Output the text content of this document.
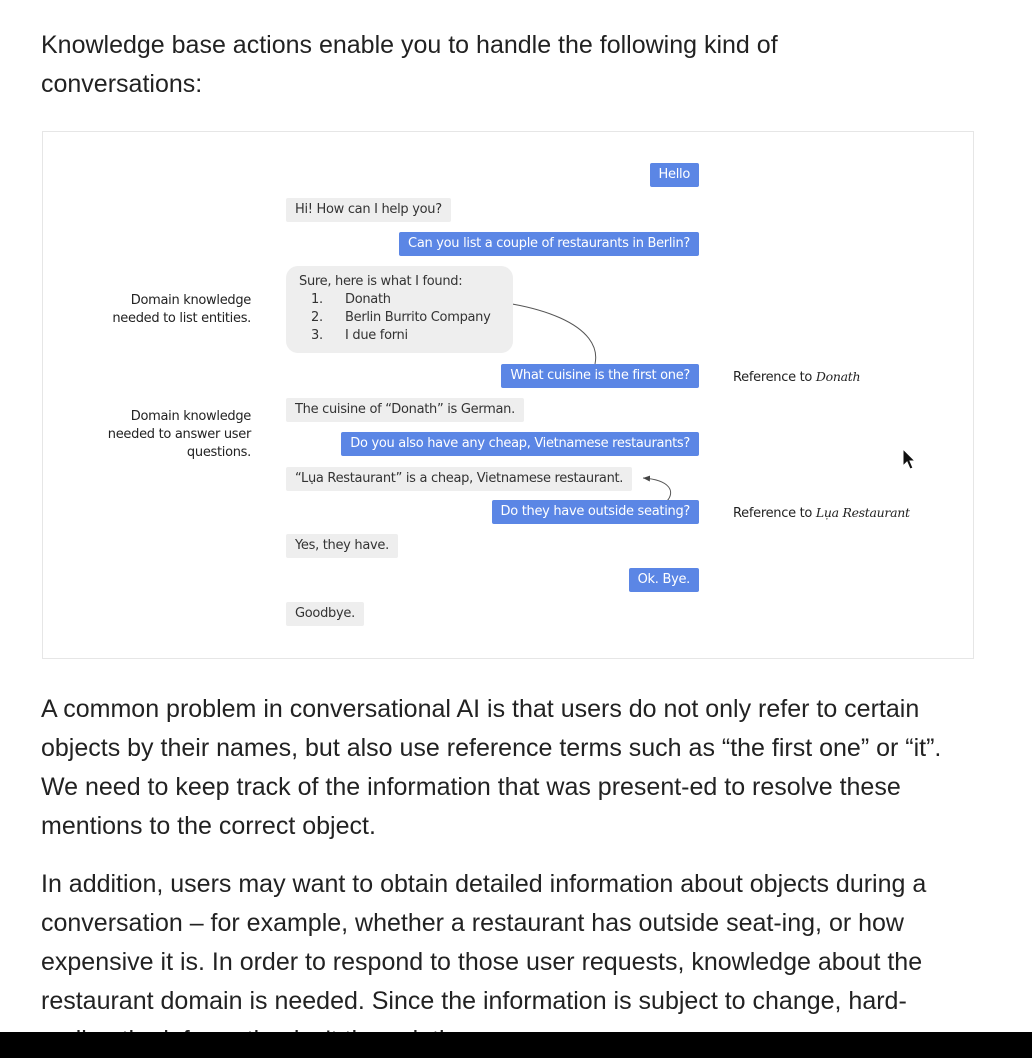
Knowledge base actions enable you to handle the following kind of conversations:

Domain knowledge needed to list entities.
Domain knowledge needed to answer user questions.
Hello
Hi! How can I help you?
Can you list a couple of restaurants in Berlin?
Sure, here is what I found:
1.	Donath
2.	Berlin Burrito Company
3.	I due forni
What cuisine is the first one?	Reference to Donath
The cuisine of “Donath” is German.
Do you also have any cheap, Vietnamese restaurants?
“Lụa Restaurant” is a cheap, Vietnamese restaurant.
Do they have outside seating?	Reference to Lụa Restaurant
Yes, they have.
Ok. Bye.
Goodbye.

A common problem in conversational AI is that users do not only refer to certain objects by their names, but also use reference terms such as “the first one” or “it”. We need to keep track of the information that was present-ed to resolve these mentions to the correct object.

In addition, users may want to obtain detailed information about objects during a conversation – for example, whether a restaurant has outside seat-ing, or how expensive it is. In order to respond to those user requests, knowledge about the restaurant domain is needed. Since the information is subject to change, hard-
